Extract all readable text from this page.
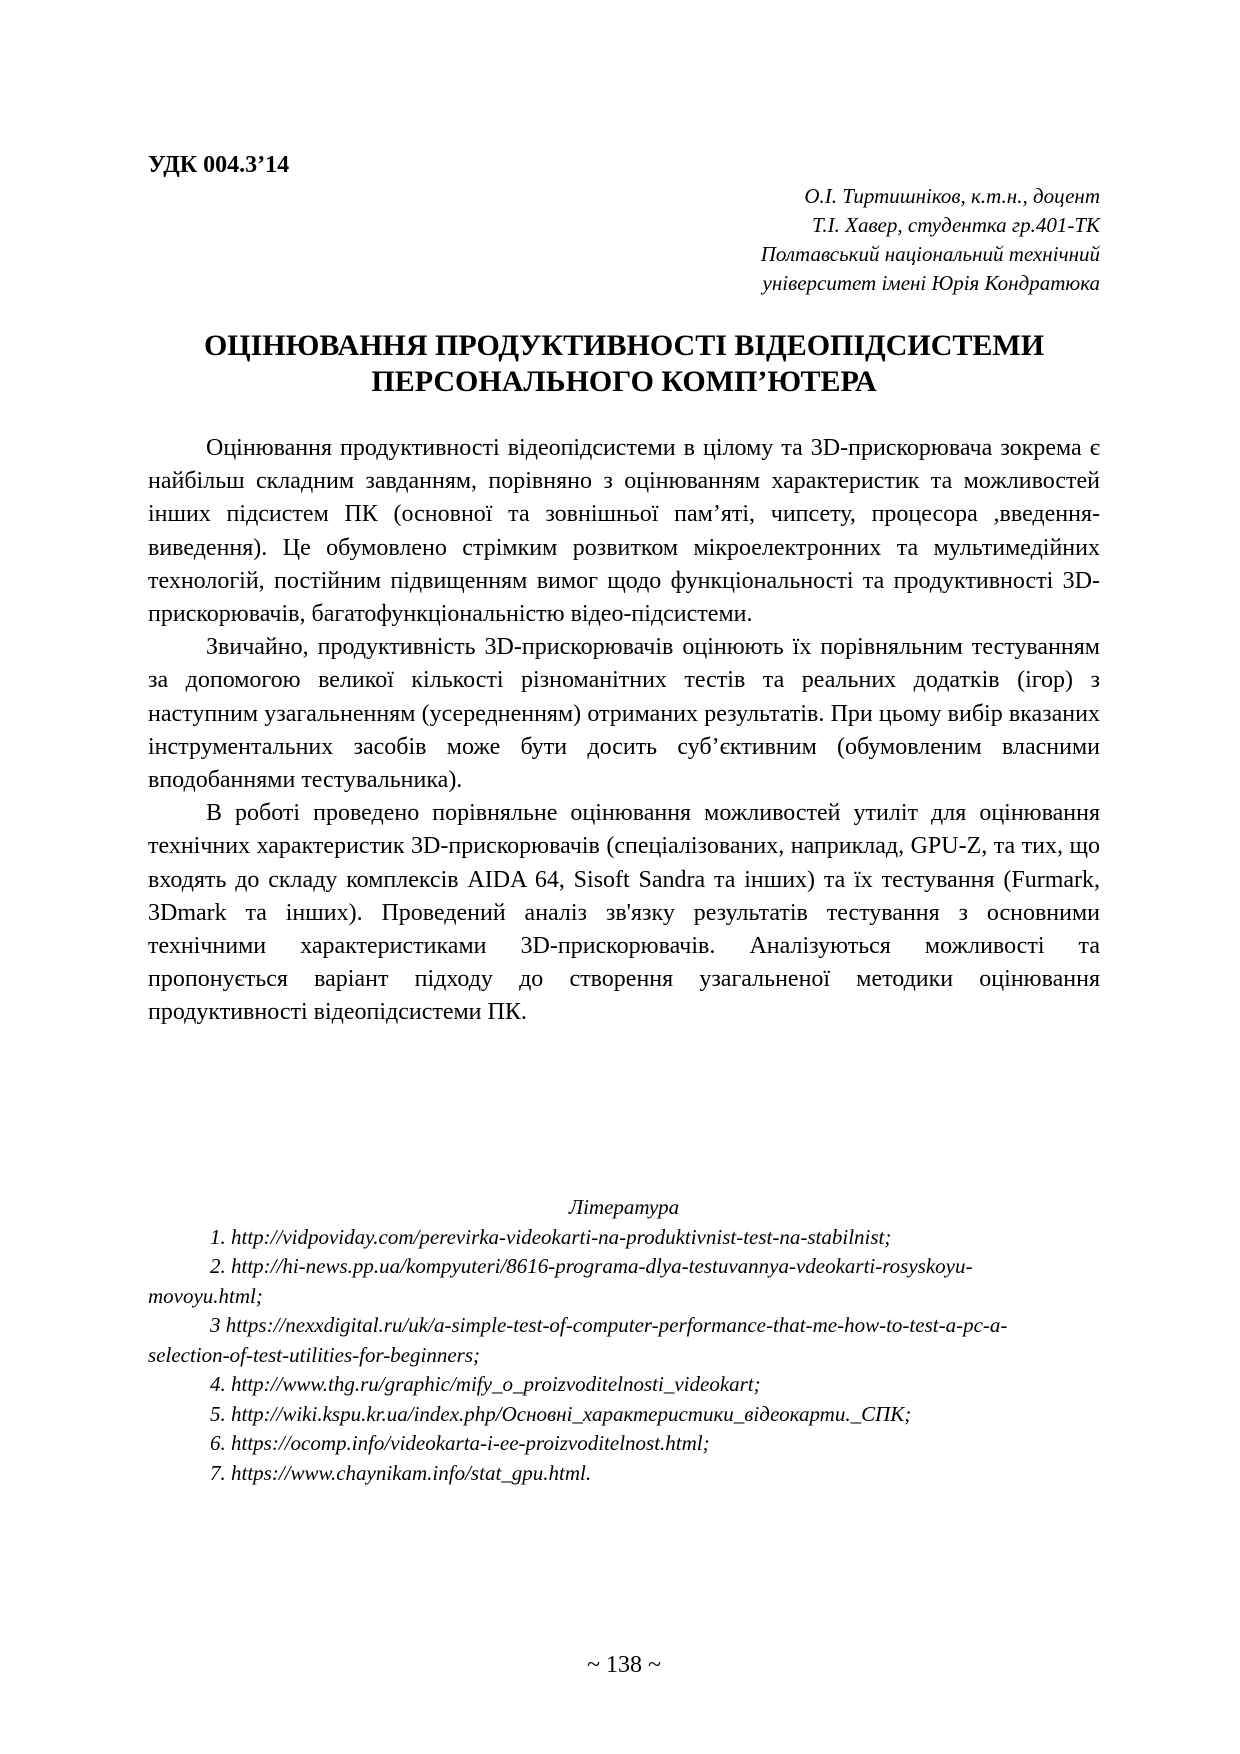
УДК 004.3’14
О.І. Тиртишніков, к.т.н., доцент
Т.І. Хавер, студентка гр.401-ТК
Полтавський національний технічний
університет імені Юрія Кондратюка
ОЦІНЮВАННЯ ПРОДУКТИВНОСТІ ВІДЕОПІДСИСТЕМИ
ПЕРСОНАЛЬНОГО КОМП’ЮТЕРА

Оцінювання продуктивності відеопідсистеми в цілому та 3D-прискорювача зокрема є найбільш складним завданням, порівняно з оцінюванням характеристик та можливостей інших підсистем ПК (основної та зовнішньої пам’яті, чипсету, процесора ,введення-виведення). Це обумовлено стрімким розвитком мікроелектронних та мультимедійних технологій, постійним підвищенням вимог щодо функціональності та продуктивності 3D-прискорювачів, багатофункціональністю відео-підсистеми.

Звичайно, продуктивність 3D-прискорювачів оцінюють їх порівняльним тестуванням за допомогою великої кількості різноманітних тестів та реальних додатків (ігор) з наступним узагальненням (усередненням) отриманих результатів. При цьому вибір вказаних інструментальних засобів може бути досить суб’єктивним (обумовленим власними вподобаннями тестувальника).

В роботі проведено порівняльне оцінювання можливостей утиліт для оцінювання технічних характеристик 3D-прискорювачів (спеціалізованих, наприклад, GPU-Z, та тих, що входять до складу комплексів AIDA 64, Sisoft Sandra та інших) та їх тестування (Furmark, 3Dmark та інших). Проведений аналіз зв'язку результатів тестування з основними технічними характеристиками 3D-прискорювачів. Аналізуються можливості та пропонується варіант підходу до створення узагальненої методики оцінювання продуктивності відеопідсистеми ПК.

Література
1. http://vidpoviday.com/perevirka-videokarti-na-produktivnist-test-na-stabilnist;
2. http://hi-news.pp.ua/kompyuteri/8616-programa-dlya-testuvannya-vdeokarti-rosyskoyu-movoyu.html;
3 https://nexxdigital.ru/uk/a-simple-test-of-computer-performance-that-me-how-to-test-a-pc-a-selection-of-test-utilities-for-beginners;
4. http://www.thg.ru/graphic/mify_o_proizvoditelnosti_videokart;
5. http://wiki.kspu.kr.ua/index.php/Основні_характеристики_відеокарти._СПК;
6. https://ocomp.info/videokarta-i-ee-proizvoditelnost.html;
7. https://www.chaynikam.info/stat_gpu.html.
~ 138 ~
